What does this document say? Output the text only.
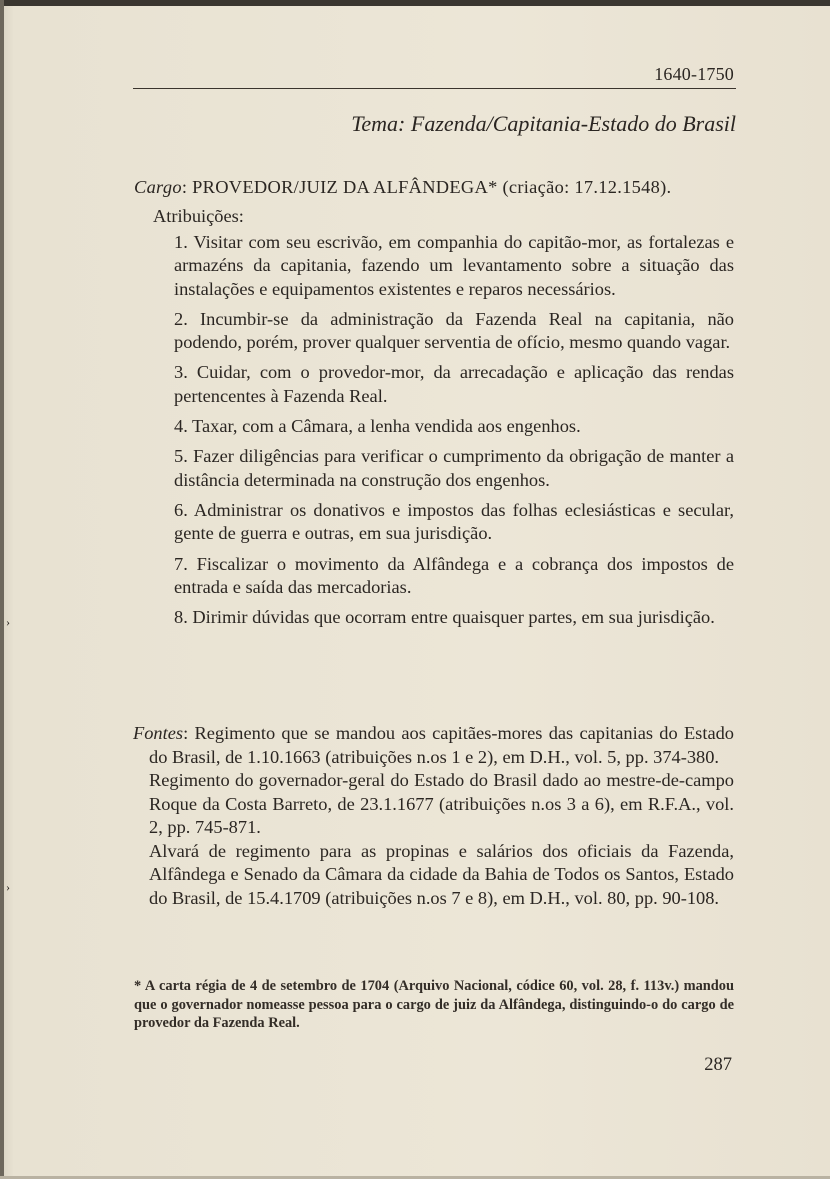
1640-1750
Tema: Fazenda/Capitania-Estado do Brasil
Cargo: PROVEDOR/JUIZ DA ALFÂNDEGA* (criação: 17.12.1548).
Atribuições:

1. Visitar com seu escrivão, em companhia do capitão-mor, as fortalezas e armazéns da capitania, fazendo um levantamento sobre a situação das instalações e equipamentos existentes e reparos necessários.

2. Incumbir-se da administração da Fazenda Real na capitania, não podendo, porém, prover qualquer serventia de ofício, mesmo quando vagar.

3. Cuidar, com o provedor-mor, da arrecadação e aplicação das rendas pertencentes à Fazenda Real.

4. Taxar, com a Câmara, a lenha vendida aos engenhos.

5. Fazer diligências para verificar o cumprimento da obrigação de manter a distância determinada na construção dos engenhos.

6. Administrar os donativos e impostos das folhas eclesiásticas e secular, gente de guerra e outras, em sua jurisdição.

7. Fiscalizar o movimento da Alfândega e a cobrança dos impostos de entrada e saída das mercadorias.

8. Dirimir dúvidas que ocorram entre quaisquer partes, em sua jurisdição.

Fontes: Regimento que se mandou aos capitães-mores das capitanias do Estado do Brasil, de 1.10.1663 (atribuições n.os 1 e 2), em D.H., vol. 5, pp. 374-380.

Regimento do governador-geral do Estado do Brasil dado ao mestre-de-campo Roque da Costa Barreto, de 23.1.1677 (atribuições n.os 3 a 6), em R.F.A., vol. 2, pp. 745-871.

Alvará de regimento para as propinas e salários dos oficiais da Fazenda, Alfândega e Senado da Câmara da cidade da Bahia de Todos os Santos, Estado do Brasil, de 15.4.1709 (atribuições n.os 7 e 8), em D.H., vol. 80, pp. 90-108.

* A carta régia de 4 de setembro de 1704 (Arquivo Nacional, códice 60, vol. 28, f. 113v.) mandou que o governador nomeasse pessoa para o cargo de juiz da Alfândega, distinguindo-o do cargo de provedor da Fazenda Real.
287
›
›
